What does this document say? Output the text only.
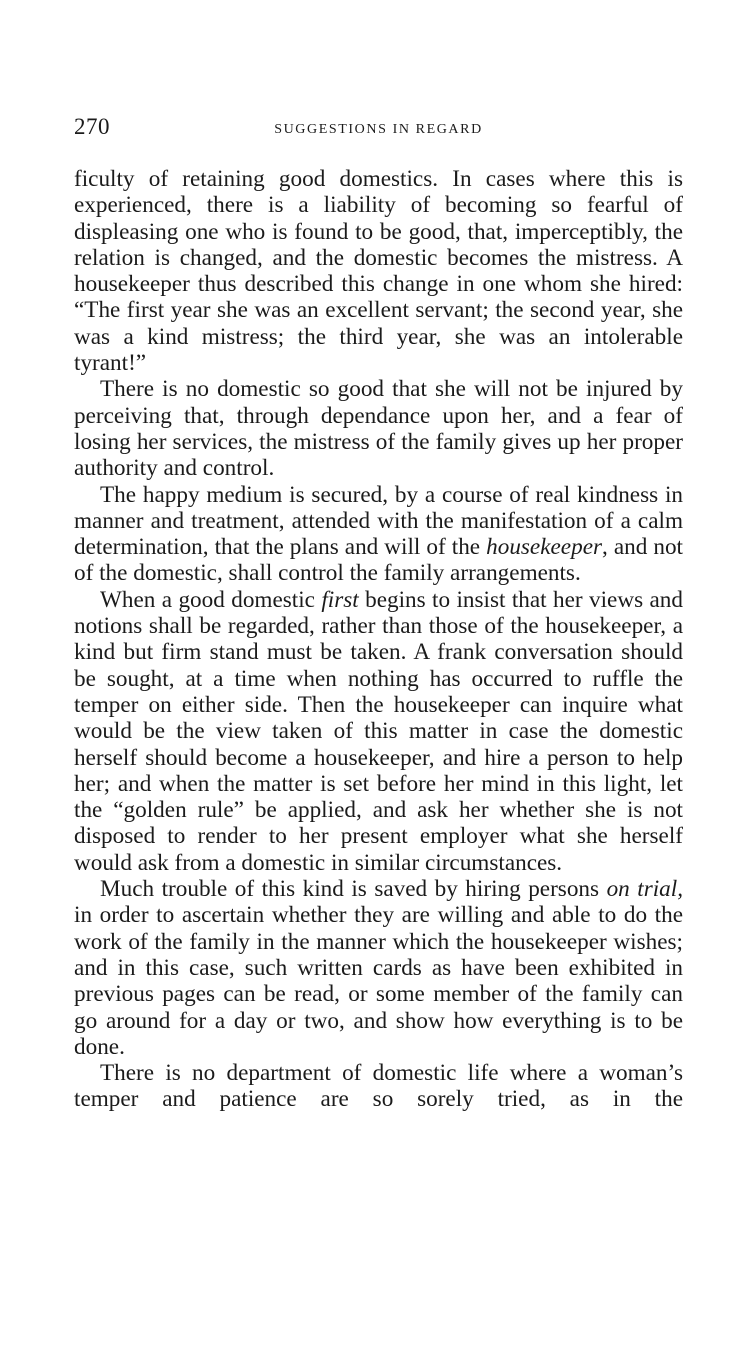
270	SUGGESTIONS IN REGARD

ficulty of retaining good domestics. In cases where this is experienced, there is a liability of becoming so fearful of displeasing one who is found to be good, that, imperceptibly, the relation is changed, and the domestic becomes the mistress. A housekeeper thus described this change in one whom she hired: “The first year she was an excellent servant; the second year, she was a kind mistress; the third year, she was an intolerable tyrant!”

There is no domestic so good that she will not be injured by perceiving that, through dependance upon her, and a fear of losing her services, the mistress of the family gives up her proper authority and control.

The happy medium is secured, by a course of real kindness in manner and treatment, attended with the manifestation of a calm determination, that the plans and will of the housekeeper, and not of the domestic, shall control the family arrangements.

When a good domestic first begins to insist that her views and notions shall be regarded, rather than those of the housekeeper, a kind but firm stand must be taken. A frank conversation should be sought, at a time when nothing has occurred to ruffle the temper on either side. Then the housekeeper can inquire what would be the view taken of this matter in case the domestic herself should become a housekeeper, and hire a person to help her; and when the matter is set before her mind in this light, let the “golden rule” be applied, and ask her whether she is not disposed to render to her present employer what she herself would ask from a domestic in similar circumstances.

Much trouble of this kind is saved by hiring persons on trial, in order to ascertain whether they are willing and able to do the work of the family in the manner which the housekeeper wishes; and in this case, such written cards as have been exhibited in previous pages can be read, or some member of the family can go around for a day or two, and show how everything is to be done.

There is no department of domestic life where a woman’s temper and patience are so sorely tried, as in the
